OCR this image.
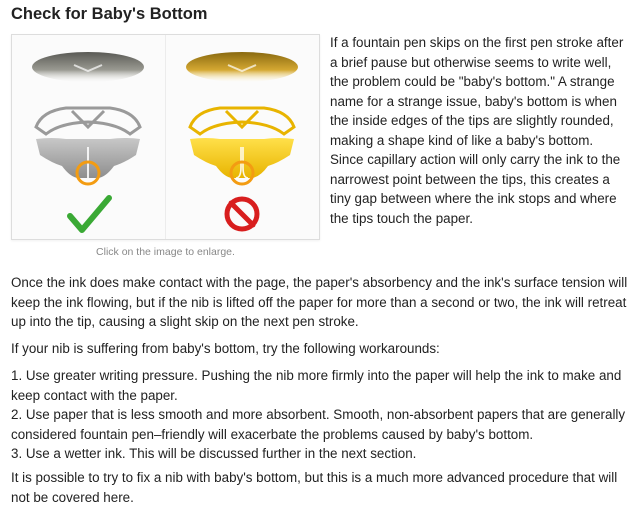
Check for Baby's Bottom
Click on the image to enlarge.

If a fountain pen skips on the first pen stroke after a brief pause but otherwise seems to write well, the problem could be "baby's bottom." A strange name for a strange issue, baby's bottom is when the inside edges of the tips are slightly rounded, making a shape kind of like a baby's bottom. Since capillary action will only carry the ink to the narrowest point between the tips, this creates a tiny gap between where the ink stops and where the tips touch the paper.

Once the ink does make contact with the page, the paper's absorbency and the ink's surface tension will keep the ink flowing, but if the nib is lifted off the paper for more than a second or two, the ink will retreat up into the tip, causing a slight skip on the next pen stroke.

If your nib is suffering from baby's bottom, try the following workarounds:

1. Use greater writing pressure. Pushing the nib more firmly into the paper will help the ink to make and keep contact with the paper.
2. Use paper that is less smooth and more absorbent. Smooth, non-absorbent papers that are generally considered fountain pen–friendly will exacerbate the problems caused by baby's bottom.
3. Use a wetter ink. This will be discussed further in the next section.

It is possible to try to fix a nib with baby's bottom, but this is a much more advanced procedure that will not be covered here.
